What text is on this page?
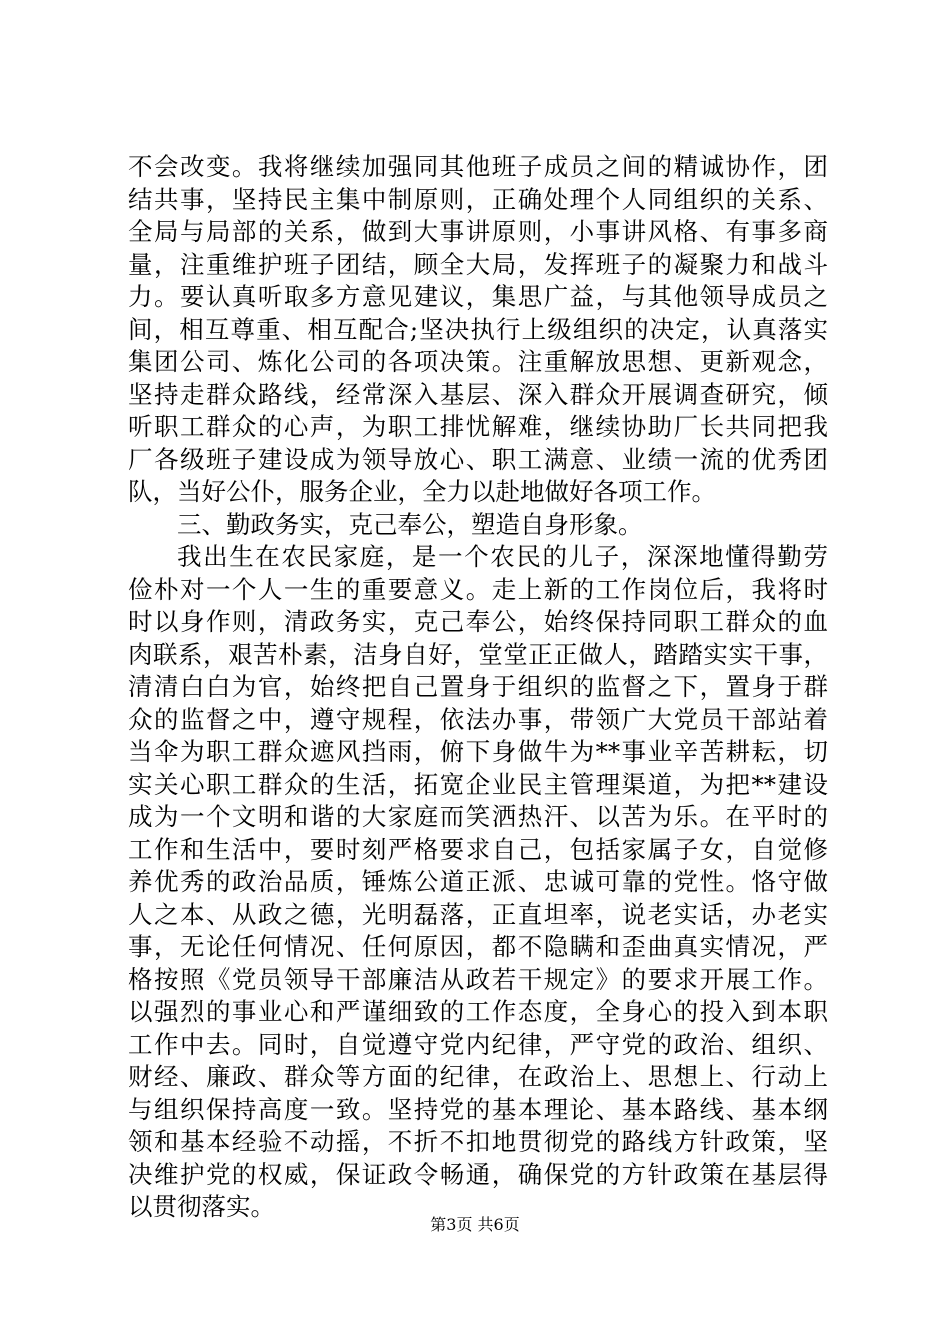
不会改变。我将继续加强同其他班子成员之间的精诚协作，团
结共事，坚持民主集中制原则，正确处理个人同组织的关系、
全局与局部的关系，做到大事讲原则，小事讲风格、有事多商
量，注重维护班子团结，顾全大局，发挥班子的凝聚力和战斗
力。要认真听取多方意见建议，集思广益，与其他领导成员之
间，相互尊重、相互配合;坚决执行上级组织的决定，认真落实
集团公司、炼化公司的各项决策。注重解放思想、更新观念，
坚持走群众路线，经常深入基层、深入群众开展调查研究，倾
听职工群众的心声，为职工排忧解难，继续协助厂长共同把我
厂各级班子建设成为领导放心、职工满意、业绩一流的优秀团
队，当好公仆，服务企业，全力以赴地做好各项工作。
三、勤政务实，克己奉公，塑造自身形象。
我出生在农民家庭，是一个农民的儿子，深深地懂得勤劳
俭朴对一个人一生的重要意义。走上新的工作岗位后，我将时
时以身作则，清政务实，克己奉公，始终保持同职工群众的血
肉联系，艰苦朴素，洁身自好，堂堂正正做人，踏踏实实干事，
清清白白为官，始终把自己置身于组织的监督之下，置身于群
众的监督之中，遵守规程，依法办事，带领广大党员干部站着
当伞为职工群众遮风挡雨，俯下身做牛为**事业辛苦耕耘，切
实关心职工群众的生活，拓宽企业民主管理渠道，为把**建设
成为一个文明和谐的大家庭而笑洒热汗、以苦为乐。在平时的
工作和生活中，要时刻严格要求自己，包括家属子女，自觉修
养优秀的政治品质，锤炼公道正派、忠诚可靠的党性。恪守做
人之本、从政之德，光明磊落，正直坦率，说老实话，办老实
事，无论任何情况、任何原因，都不隐瞒和歪曲真实情况，严
格按照《党员领导干部廉洁从政若干规定》的要求开展工作。
以强烈的事业心和严谨细致的工作态度，全身心的投入到本职
工作中去。同时，自觉遵守党内纪律，严守党的政治、组织、
财经、廉政、群众等方面的纪律，在政治上、思想上、行动上
与组织保持高度一致。坚持党的基本理论、基本路线、基本纲
领和基本经验不动摇，不折不扣地贯彻党的路线方针政策，坚
决维护党的权威，保证政令畅通，确保党的方针政策在基层得
以贯彻落实。
第3页 共6页
